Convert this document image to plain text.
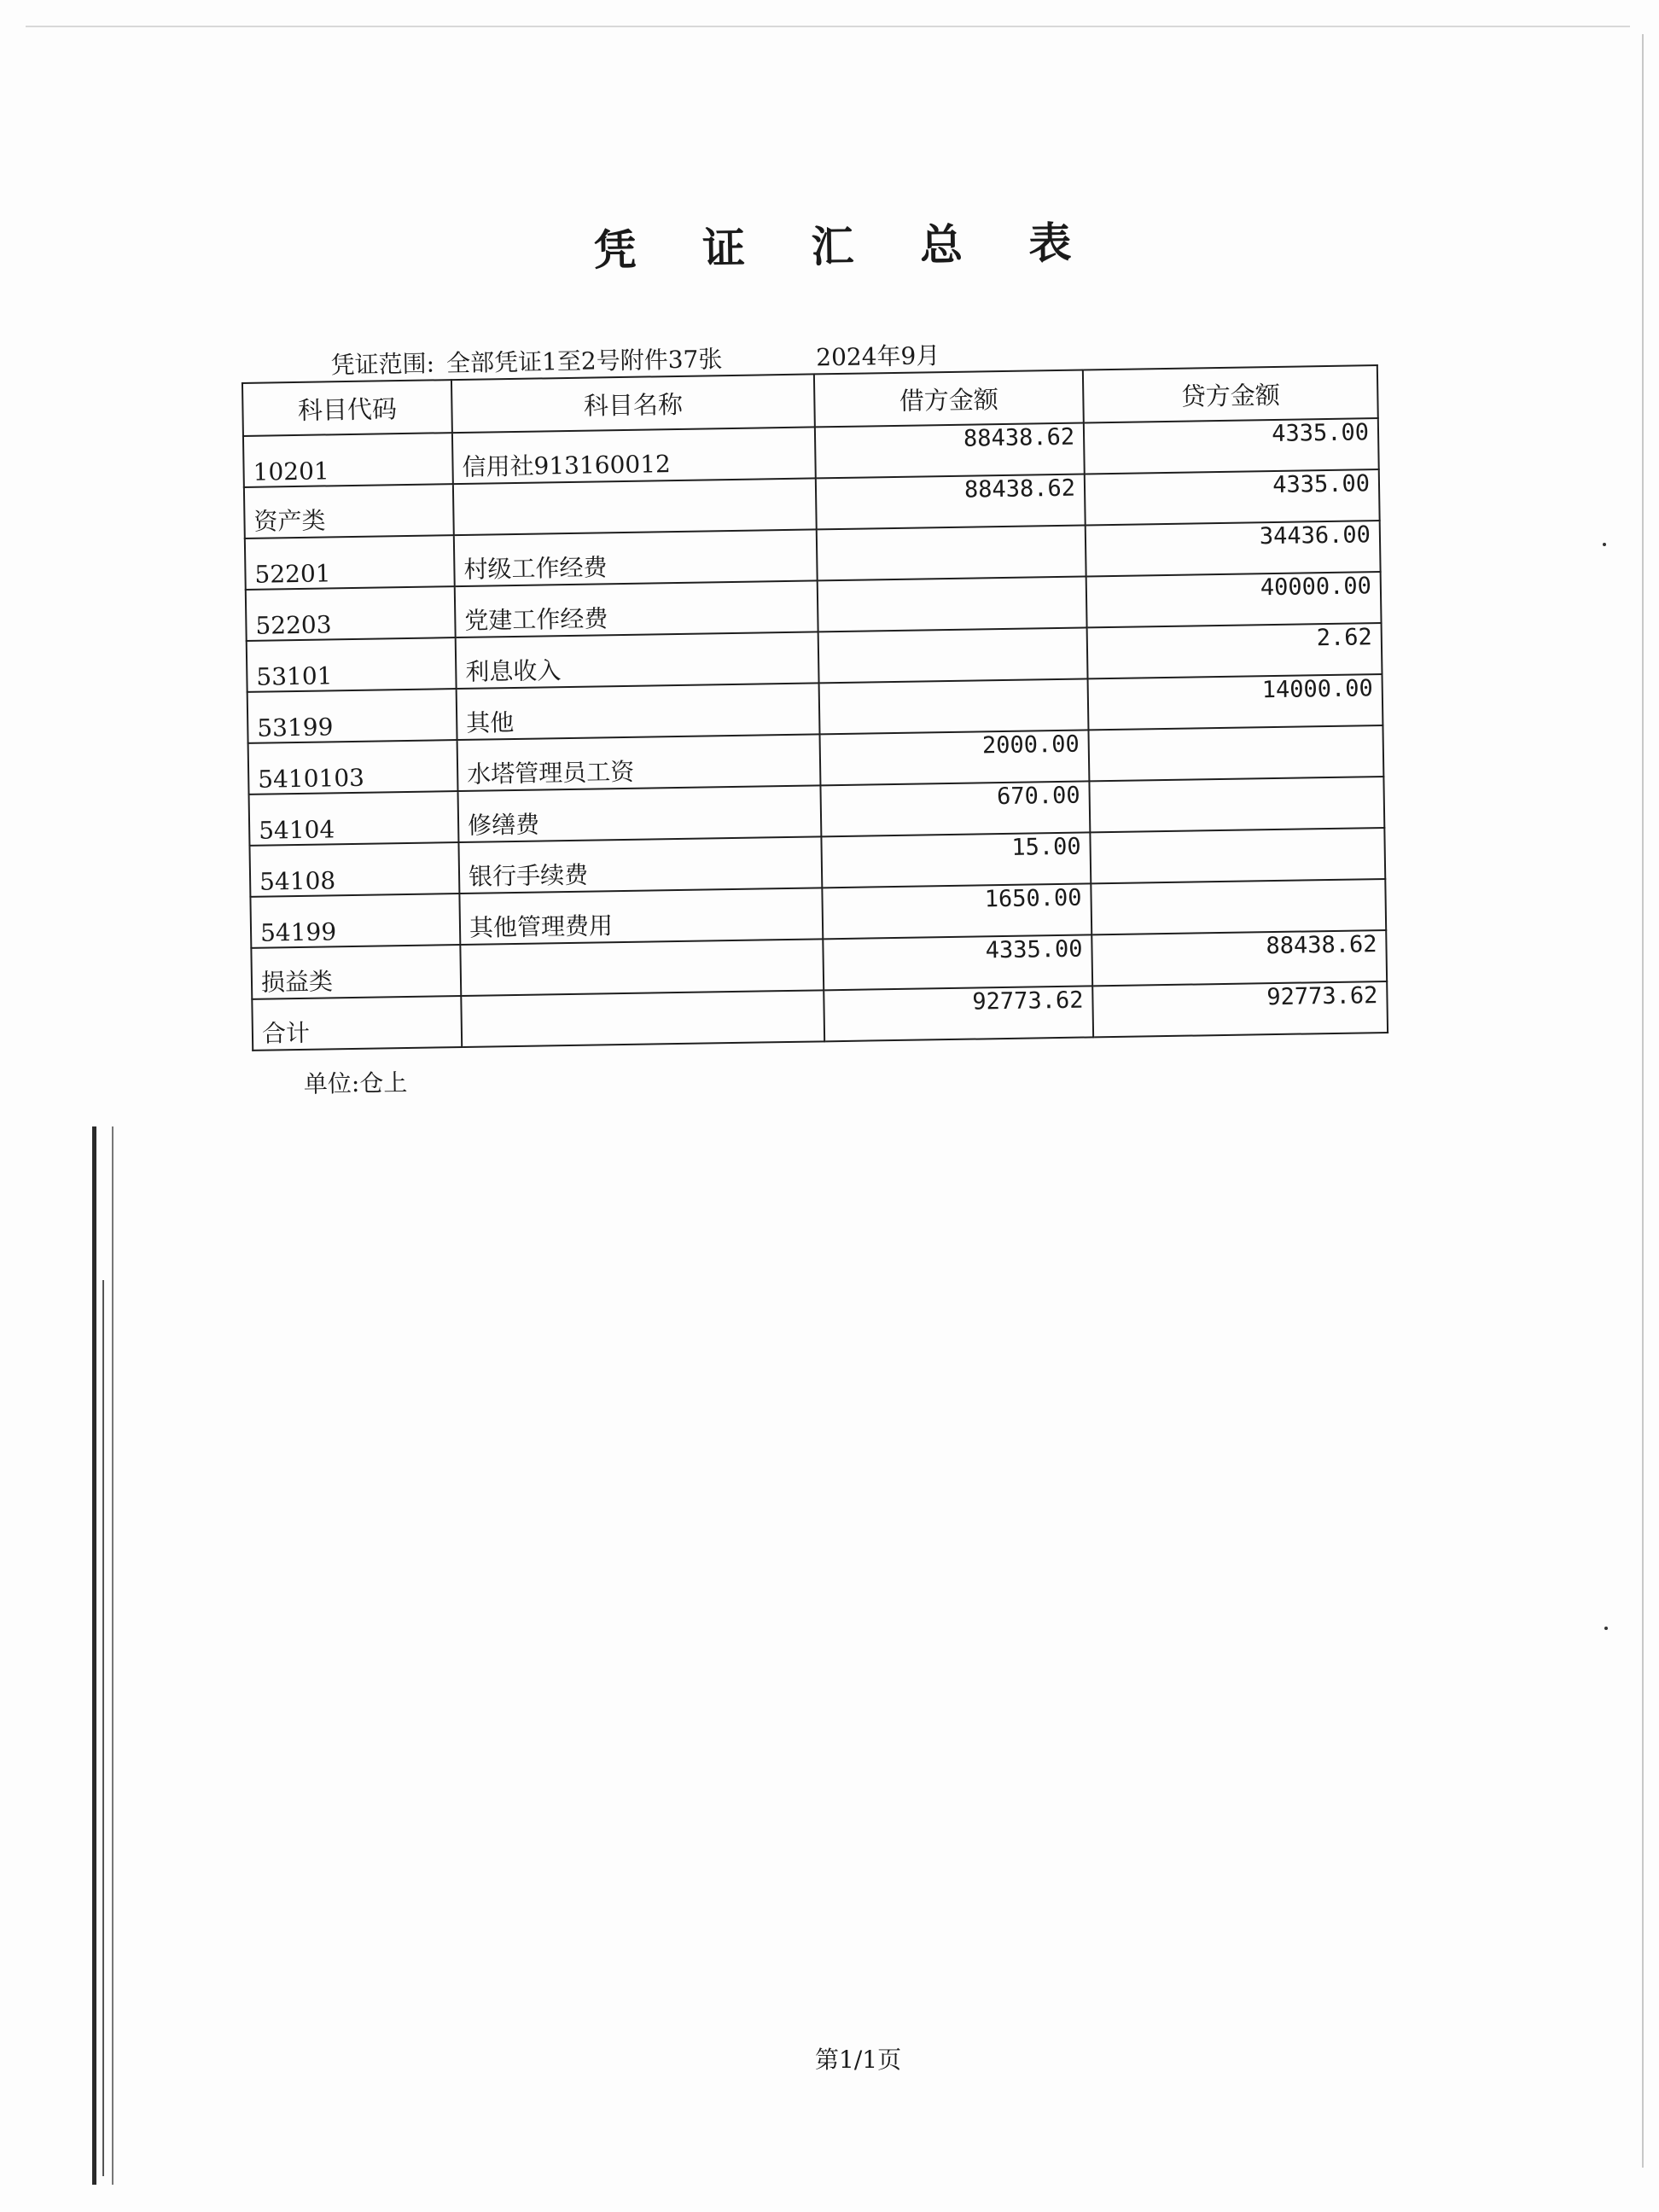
凭 证 汇 总 表
凭证范围: 全部凭证1至2号附件37张	2024年9月
科目代码	科目名称	借方金额	贷方金额
10201	信用社913160012	88438.62	4335.00
资产类		88438.62	4335.00
52201	村级工作经费		34436.00
52203	党建工作经费		40000.00
53101	利息收入		2.62
53199	其他		14000.00
5410103	水塔管理员工资	2000.00	
54104	修缮费	670.00	
54108	银行手续费	15.00	
54199	其他管理费用	1650.00	
损益类		4335.00	88438.62
合计		92773.62	92773.62
单位:仓上
第1/1页
